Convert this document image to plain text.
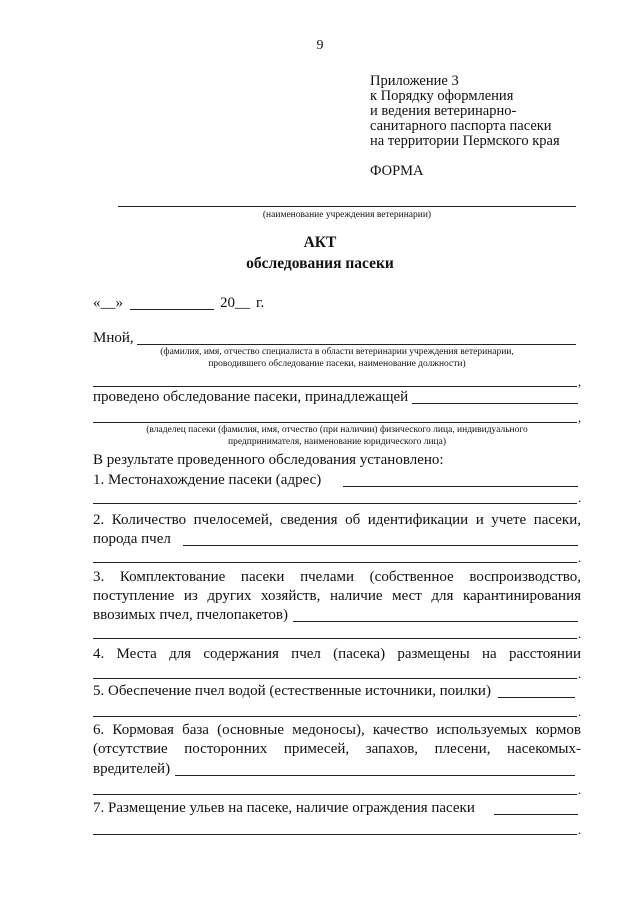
9
Приложение 3
к Порядку оформления
и ведения ветеринарно-
санитарного паспорта пасеки
на территории Пермского края
ФОРМА
(наименование учреждения ветеринарии)
АКТ
обследования пасеки
«__»	20__ г.
Мной,
(фамилия, имя, отчество специалиста в области ветеринарии учреждения ветеринарии,
проводившего обследование пасеки, наименование должности)
,
проведено обследование пасеки, принадлежащей
,
(владелец пасеки (фамилия, имя, отчество (при наличии) физического лица, индивидуального
предпринимателя, наименование юридического лица)
В результате проведенного обследования установлено:
1. Местонахождение пасеки (адрес)
.
2. Количество пчелосемей, сведения об идентификации и учете пасеки,
порода пчел
.
3. Комплектование пасеки пчелами (собственное воспроизводство,
поступление из других хозяйств, наличие мест для карантинирования
ввозимых пчел, пчелопакетов)
.
4. Места для содержания пчел (пасека) размещены на расстоянии
.
5. Обеспечение пчел водой (естественные источники, поилки)
.
6. Кормовая база (основные медоносы), качество используемых кормов
(отсутствие посторонних примесей, запахов, плесени, насекомых-
вредителей)
.
7. Размещение ульев на пасеке, наличие ограждения пасеки
.
